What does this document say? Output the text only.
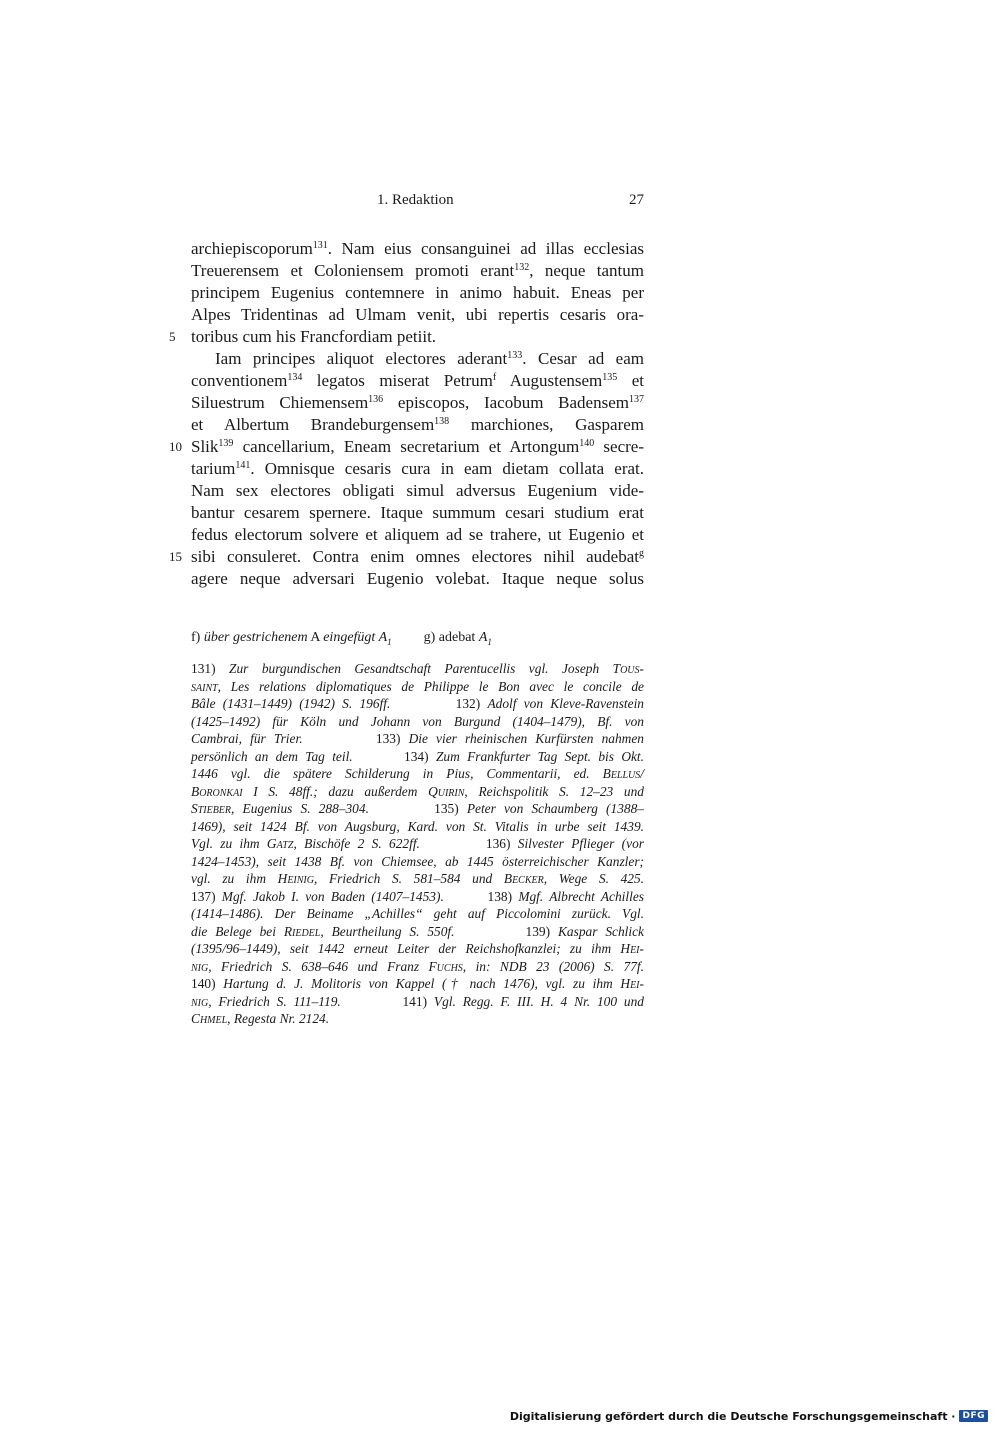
1. Redaktion	27
archiepiscoporum$^{131}$. Nam eius consanguinei ad illas ecclesias
Treuerensem et Coloniensem promoti erant$^{132}$, neque tantum
principem Eugenius contemnere in animo habuit. Eneas per
Alpes Tridentinas ad Ulmam venit, ubi repertis cesaris ora-
5 toribus cum his Francfordiam petiit.
Iam principes aliquot electores aderant$^{133}$. Cesar ad eam
conventionem$^{134}$ legatos miserat Petrum$^f$ Augustensem$^{135}$ et
Siluestrum Chiemensem$^{136}$ episcopos, Iacobum Badensem$^{137}$
et Albertum Brandeburgensem$^{138}$ marchiones, Gasparem
10 Slik$^{139}$ cancellarium, Eneam secretarium et Artongum$^{140}$ secre-
tarium$^{141}$. Omnisque cesaris cura in eam dietam collata erat.
Nam sex electores obligati simul adversus Eugenium vide-
bantur cesarem spernere. Itaque summum cesari studium erat
fedus electorum solvere et aliquem ad se trahere, ut Eugenio et
15 sibi consuleret. Contra enim omnes electores nihil audebat$^g$
agere neque adversari Eugenio volebat. Itaque neque solus
f) über gestrichenem A eingefügt $A_1$ g) adebat $A_1$
131) Zur burgundischen Gesandtschaft Parentucellis vgl. Joseph TOUS-
SAINT, Les relations diplomatiques de Philippe le Bon avec le concile de
Bâle (1431–1449) (1942) S. 196ff.         132) Adolf von Kleve-Ravenstein
(1425–1492) für Köln und Johann von Burgund (1404–1479), Bf. von
Cambrai, für Trier.         133) Die vier rheinischen Kurfürsten nahmen
persönlich an dem Tag teil.       134) Zum Frankfurter Tag Sept. bis Okt.
1446 vgl. die spätere Schilderung in Pius, Commentarii, ed. BELLUS/
BORONKAI I S. 48ff.; dazu außerdem QUIRIN, Reichspolitik S. 12–23 und
STIEBER, Eugenius S. 288–304.        135) Peter von Schaumberg (1388–
1469), seit 1424 Bf. von Augsburg, Kard. von St. Vitalis in urbe seit 1439.
Vgl. zu ihm GATZ, Bischöfe 2 S. 622ff.         136) Silvester Pflieger (vor
1424–1453), seit 1438 Bf. von Chiemsee, ab 1445 österreichischer Kanzler;
vgl. zu ihm HEINIG, Friedrich S. 581–584 und BECKER, Wege S. 425.
137) Mgf. Jakob I. von Baden (1407–1453).       138) Mgf. Albrecht Achilles
(1414–1486). Der Beiname „Achilles“ geht auf Piccolomini zurück. Vgl.
die Belege bei RIEDEL, Beurtheilung S. 550f.         139) Kaspar Schlick
(1395/96–1449), seit 1442 erneut Leiter der Reichshofkanzlei; zu ihm HEI-
NIG, Friedrich S. 638–646 und Franz FUCHS, in: NDB 23 (2006) S. 77f.
140) Hartung d. J. Molitoris von Kappel († nach 1476), vgl. zu ihm HEI-
NIG, Friedrich S. 111–119.         141) Vgl. Regg. F. III. H. 4 Nr. 100 und
CHMEL, Regesta Nr. 2124.
Digitalisierung gefördert durch die Deutsche Forschungsgemeinschaft · DFG
